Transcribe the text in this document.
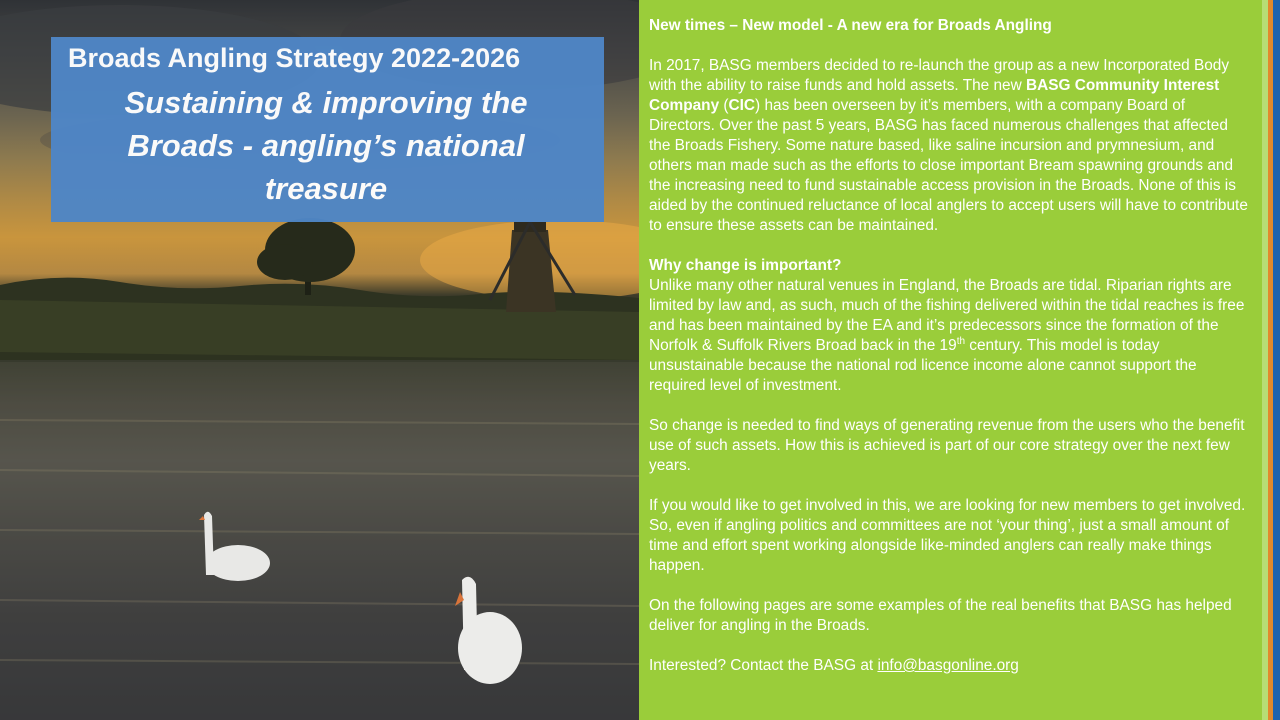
Broads Angling Strategy 2022-2026
Sustaining & improving the Broads - angling’s national treasure

New times – New model - A new era for Broads Angling

In 2017, BASG members decided to re-launch the group as a new Incorporated Body with the ability to raise funds and hold assets. The new BASG Community Interest Company (CIC) has been overseen by it’s members, with a company Board of Directors. Over the past 5 years, BASG has faced numerous challenges that affected the Broads Fishery. Some nature based, like saline incursion and prymnesium, and others man made such as the efforts to close important Bream spawning grounds and the increasing need to fund sustainable access provision in the Broads. None of this is aided by the continued reluctance of local anglers to accept users will have to contribute to ensure these assets can be maintained.

Why change is important?

Unlike many other natural venues in England, the Broads are tidal. Riparian rights are limited by law and, as such, much of the fishing delivered within the tidal reaches is free and has been maintained by the EA and it’s predecessors since the formation of the Norfolk & Suffolk Rivers Broad back in the 19th century. This model is today unsustainable because the national rod licence income alone cannot support the required level of investment.

So change is needed to find ways of generating revenue from the users who the benefit use of such assets. How this is achieved is part of our core strategy over the next few years.

If you would like to get involved in this, we are looking for new members to get involved. So, even if angling politics and committees are not ‘your thing’, just a small amount of time and effort spent working alongside like-minded anglers can really make things happen.

On the following pages are some examples of the real benefits that BASG has helped deliver for angling in the Broads.

Interested? Contact the BASG at info@basgonline.org
